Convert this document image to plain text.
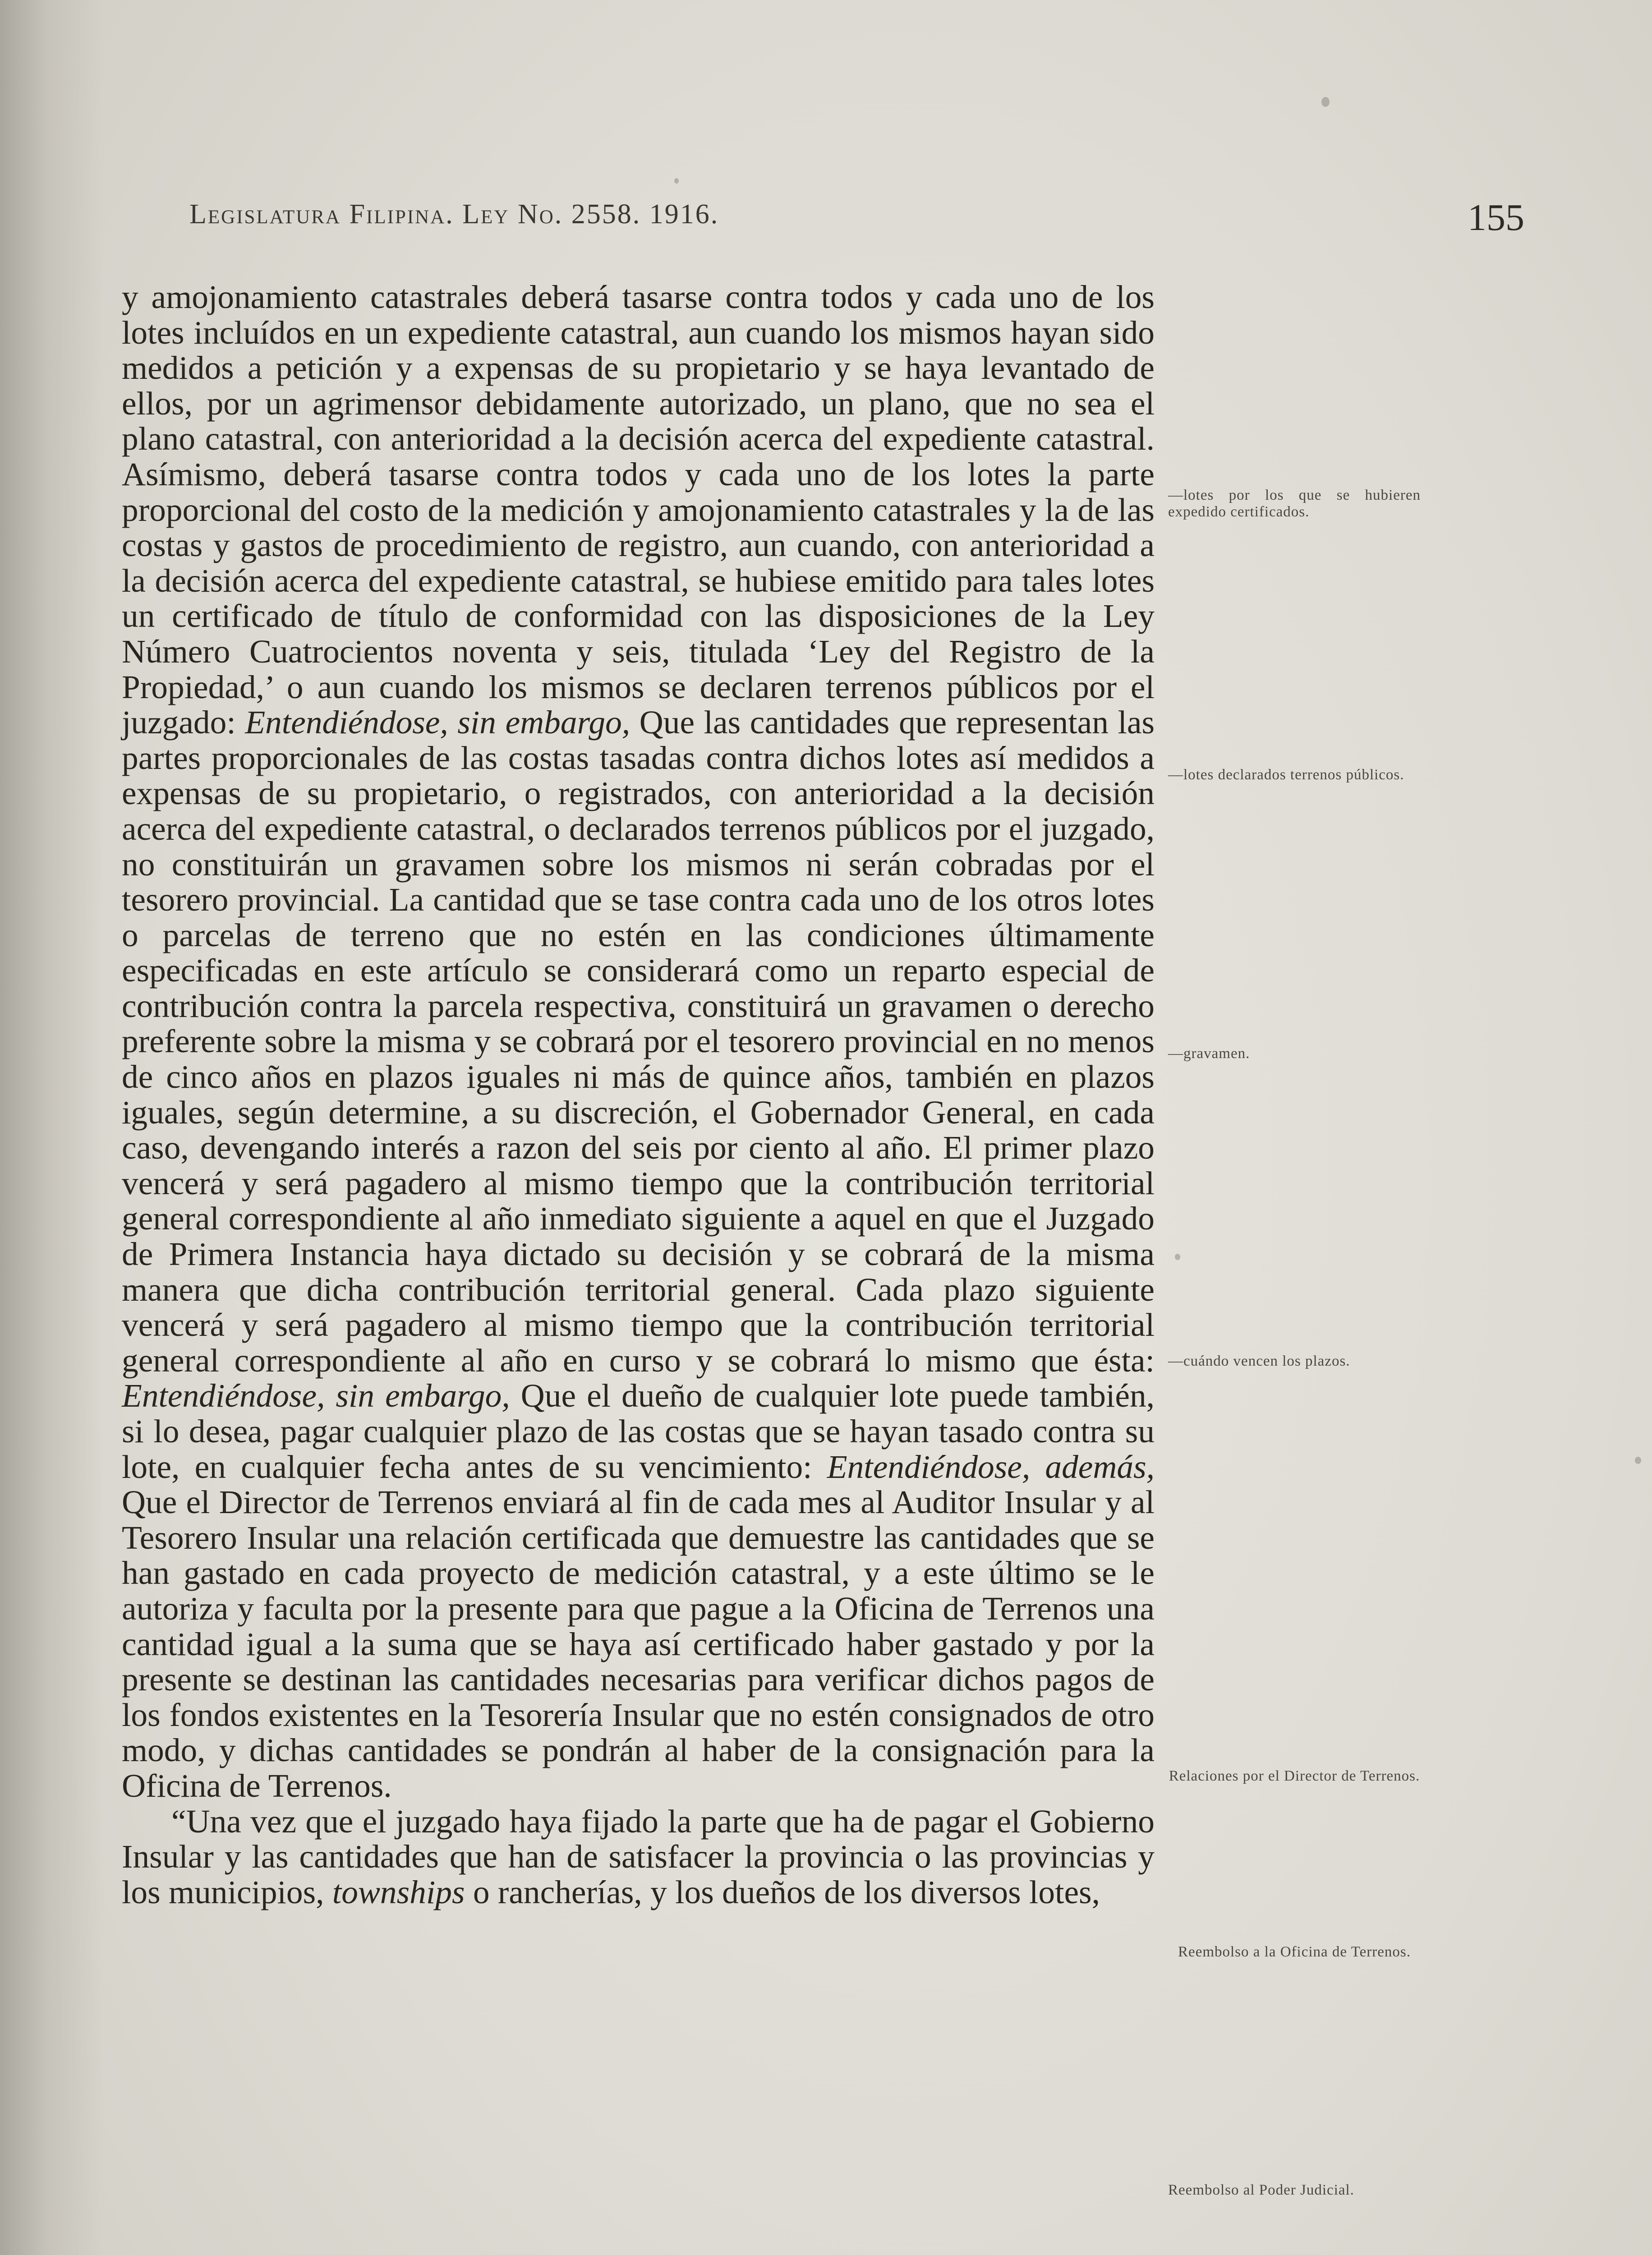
Legislatura Filipina. Ley No. 2558. 1916.	155

y amojonamiento catastrales deberá tasarse contra todos y cada uno de los lotes incluídos en un expediente catastral, aun cuando los mismos hayan sido medidos a petición y a expensas de su propietario y se haya levantado de ellos, por un agrimensor debidamente autorizado, un plano, que no sea el plano catastral, con anterioridad a la decisión acerca del expediente catastral. Asímismo, deberá tasarse contra todos y cada uno de los lotes la parte proporcional del costo de la medición y amojonamiento catastrales y la de las costas y gastos de procedimiento de registro, aun cuando, con anterioridad a la decisión acerca del expediente catastral, se hubiese emitido para tales lotes un certificado de título de conformidad con las disposiciones de la Ley Número Cuatrocientos noventa y seis, titulada ‘Ley del Registro de la Propiedad,’ o aun cuando los mismos se declaren terrenos públicos por el juzgado: Entendiéndose, sin embargo, Que las cantidades que representan las partes proporcionales de las costas tasadas contra dichos lotes así medidos a expensas de su propietario, o registrados, con anterioridad a la decisión acerca del expediente catastral, o declarados terrenos públicos por el juzgado, no constituirán un gravamen sobre los mismos ni serán cobradas por el tesorero provincial. La cantidad que se tase contra cada uno de los otros lotes o parcelas de terreno que no estén en las condiciones últimamente especificadas en este artículo se considerará como un reparto especial de contribución contra la parcela respectiva, constituirá un gravamen o derecho preferente sobre la misma y se cobrará por el tesorero provincial en no menos de cinco años en plazos iguales ni más de quince años, también en plazos iguales, según determine, a su discreción, el Gobernador General, en cada caso, devengando interés a razon del seis por ciento al año. El primer plazo vencerá y será pagadero al mismo tiempo que la contribución territorial general correspondiente al año inmediato siguiente a aquel en que el Juzgado de Primera Instancia haya dictado su decisión y se cobrará de la misma manera que dicha contribución territorial general. Cada plazo siguiente vencerá y será pagadero al mismo tiempo que la contribución territorial general correspondiente al año en curso y se cobrará lo mismo que ésta: Entendiéndose, sin embargo, Que el dueño de cualquier lote puede también, si lo desea, pagar cualquier plazo de las costas que se hayan tasado contra su lote, en cualquier fecha antes de su vencimiento: Entendiéndose, además, Que el Director de Terrenos enviará al fin de cada mes al Auditor Insular y al Tesorero Insular una relación certificada que demuestre las cantidades que se han gastado en cada proyecto de medición catastral, y a este último se le autoriza y faculta por la presente para que pague a la Oficina de Terrenos una cantidad igual a la suma que se haya así certificado haber gastado y por la presente se destinan las cantidades necesarias para verificar dichos pagos de los fondos existentes en la Tesorería Insular que no estén consignados de otro modo, y dichas cantidades se pondrán al haber de la consignación para la Oficina de Terrenos.

“Una vez que el juzgado haya fijado la parte que ha de pagar el Gobierno Insular y las cantidades que han de satisfacer la provincia o las provincias y los municipios, townships o rancherías, y los dueños de los diversos lotes,

—lotes por los que se hubieren expedido certificados.
—lotes declarados terrenos públicos.
—gravamen.
—cuándo vencen los plazos.
Relaciones por el Director de Terrenos.
Reembolso a la Oficina de Terrenos.
Reembolso al Poder Judicial.
